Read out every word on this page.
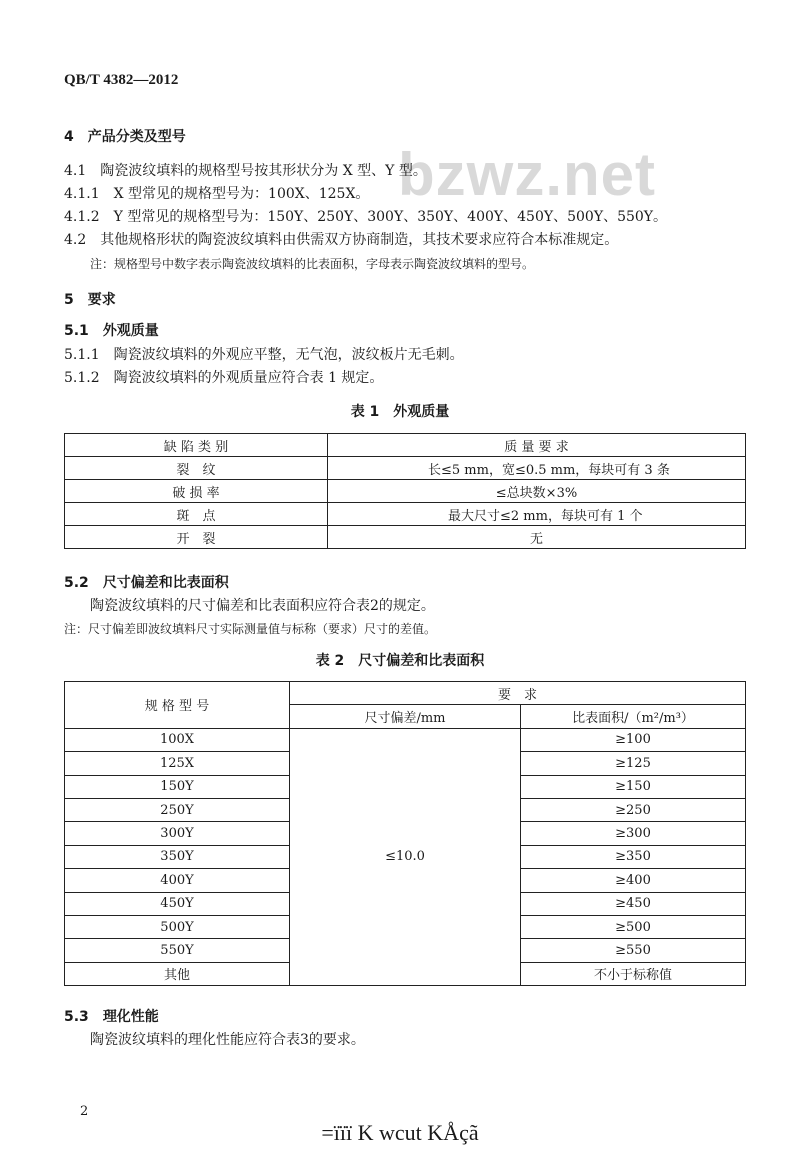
QB/T 4382—2012
bzwz.net
4　 产品分类及型号
4.1　 陶瓷波纹填料的规格型号按其形状分为 X 型、Y 型。
4.1.1　 X 型常见的规格型号为：100X、125X。
4.1.2　 Y 型常见的规格型号为：150Y、250Y、300Y、350Y、400Y、450Y、500Y、550Y。
4.2　 其他规格形状的陶瓷波纹填料由供需双方协商制造，其技术要求应符合本标准规定。
注：规格型号中数字表示陶瓷波纹填料的比表面积，字母表示陶瓷波纹填料的型号。
5　 要求
5.1　 外观质量
5.1.1　 陶瓷波纹填料的外观应平整，无气泡，波纹板片无毛刺。
5.1.2　 陶瓷波纹填料的外观质量应符合表 1 规定。
表 1　外观质量
缺 陷 类 别	质 量 要 求
裂　纹	长≤5 mm，宽≤0.5 mm，每块可有 3 条
破 损 率	≤总块数×3%
斑　点	最大尺寸≤2 mm，每块可有 1 个
开　裂	无
5.2　 尺寸偏差和比表面积
陶瓷波纹填料的尺寸偏差和比表面积应符合表2的规定。
注：尺寸偏差即波纹填料尺寸实际测量值与标称（要求）尺寸的差值。
表 2　尺寸偏差和比表面积
规 格 型 号	要　求	
	尺寸偏差/mm	比表面积/（m²/m³）
100X	≤10.0	≥100
125X		≥125
150Y		≥150
250Y		≥250
300Y		≥300
350Y		≥350
400Y		≥400
450Y		≥450
500Y		≥500
550Y		≥550
其他		不小于标称值
5.3　 理化性能
陶瓷波纹填料的理化性能应符合表3的要求。
2
=ïïï K wcut KÅçã
